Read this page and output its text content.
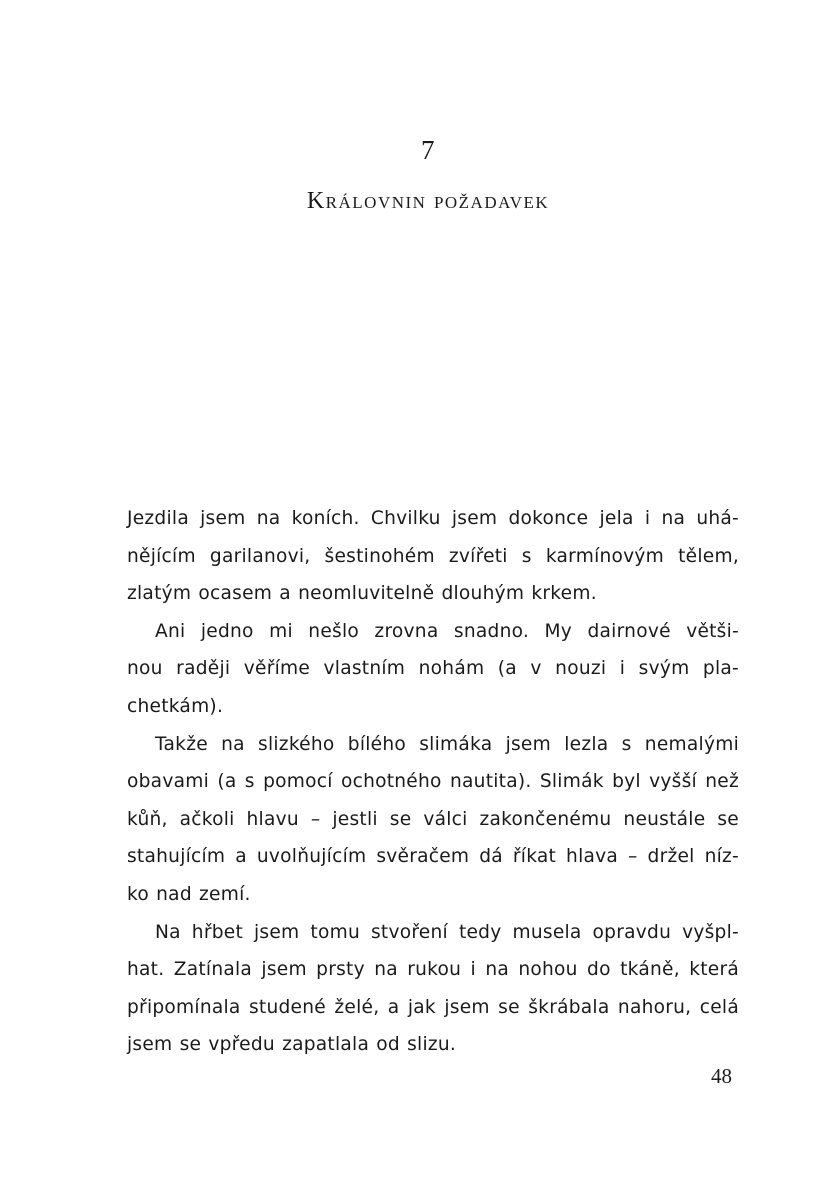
7
Královnin požadavek
Jezdila jsem na koních. Chvilku jsem dokonce jela i na uhá-
nějícím garilanovi, šestinohém zvířeti s karmínovým tělem,
zlatým ocasem a neomluvitelně dlouhým krkem.
Ani jedno mi nešlo zrovna snadno. My dairnové větši-
nou raději věříme vlastním nohám (a v nouzi i svým pla-
chetkám).
Takže na slizkého bílého slimáka jsem lezla s nemalými
obavami (a s pomocí ochotného nautita). Slimák byl vyšší než
kůň, ačkoli hlavu – jestli se válci zakončenému neustále se
stahujícím a uvolňujícím svěračem dá říkat hlava – držel níz-
ko nad zemí.
Na hřbet jsem tomu stvoření tedy musela opravdu vyšpl-
hat. Zatínala jsem prsty na rukou i na nohou do tkáně, která
připomínala studené želé, a jak jsem se škrábala nahoru, celá
jsem se vpředu zapatlala od slizu.
48
